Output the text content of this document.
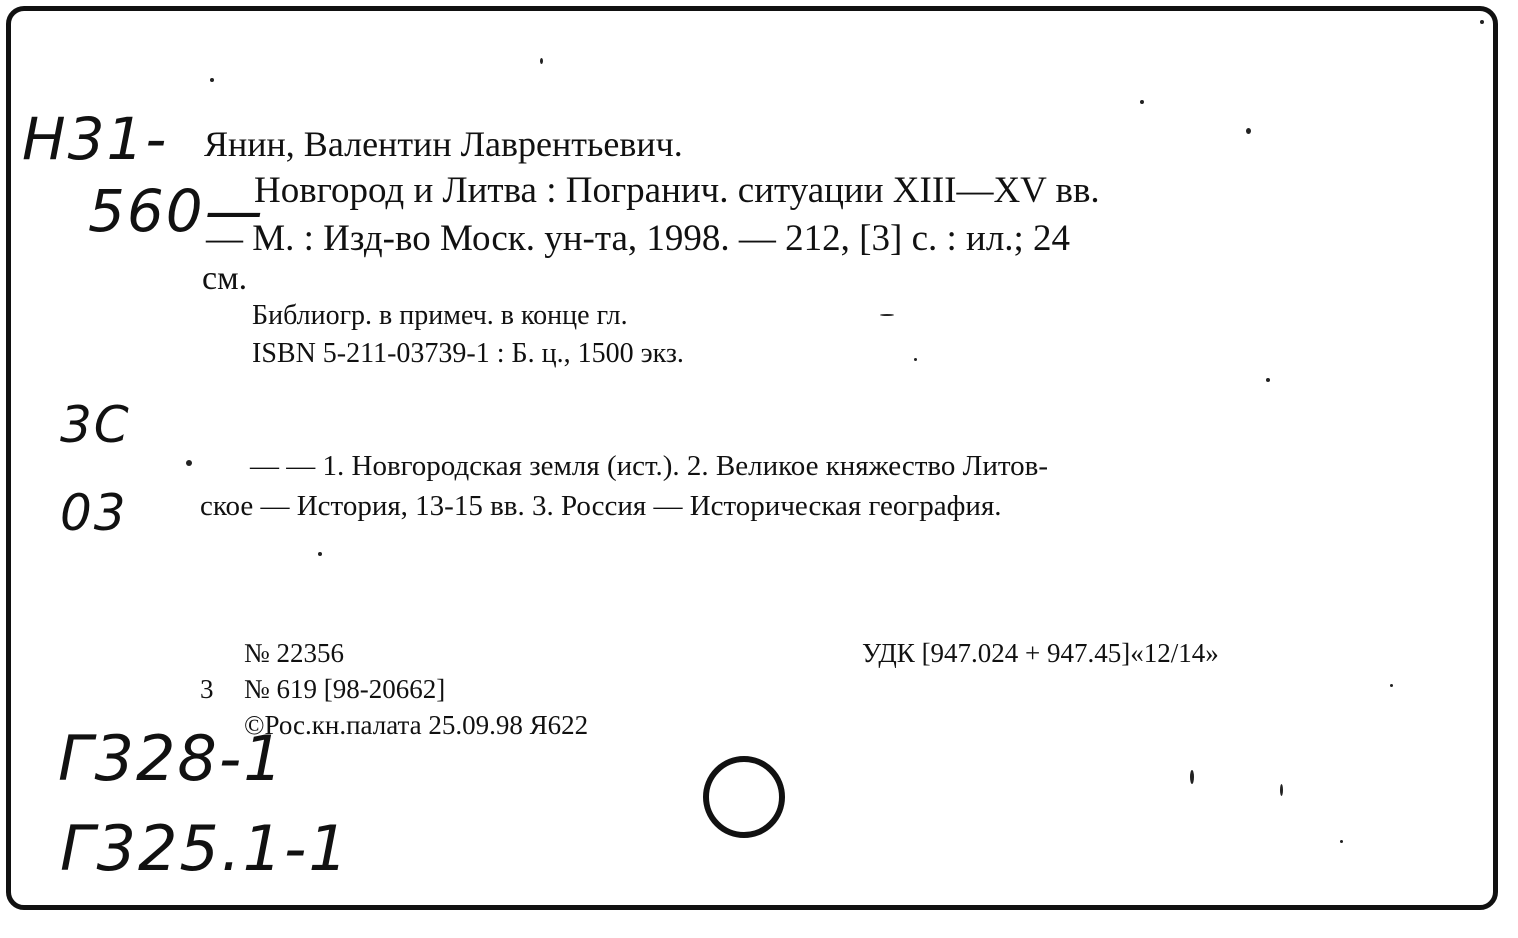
Н31-
560—
3С
03
Г328-1
Г325.1-1
Янин, Валентин Лаврентьевич.
Новгород и Литва : Погранич. ситуации XIII—XV вв.
— М. : Изд-во Моск. ун-та, 1998. — 212, [3] с. : ил.; 24
см.
Библиогр. в примеч. в конце гл.
ISBN 5-211-03739-1 : Б. ц., 1500 экз.
— — 1. Новгородская земля (ист.). 2. Великое княжество Литов-
ское — История, 13-15 вв. 3. Россия — Историческая география.
№ 22356
3 № 619 [98-20662]
©Рос.кн.палата 25.09.98 Я622
УДК [947.024 + 947.45]«12/14»
